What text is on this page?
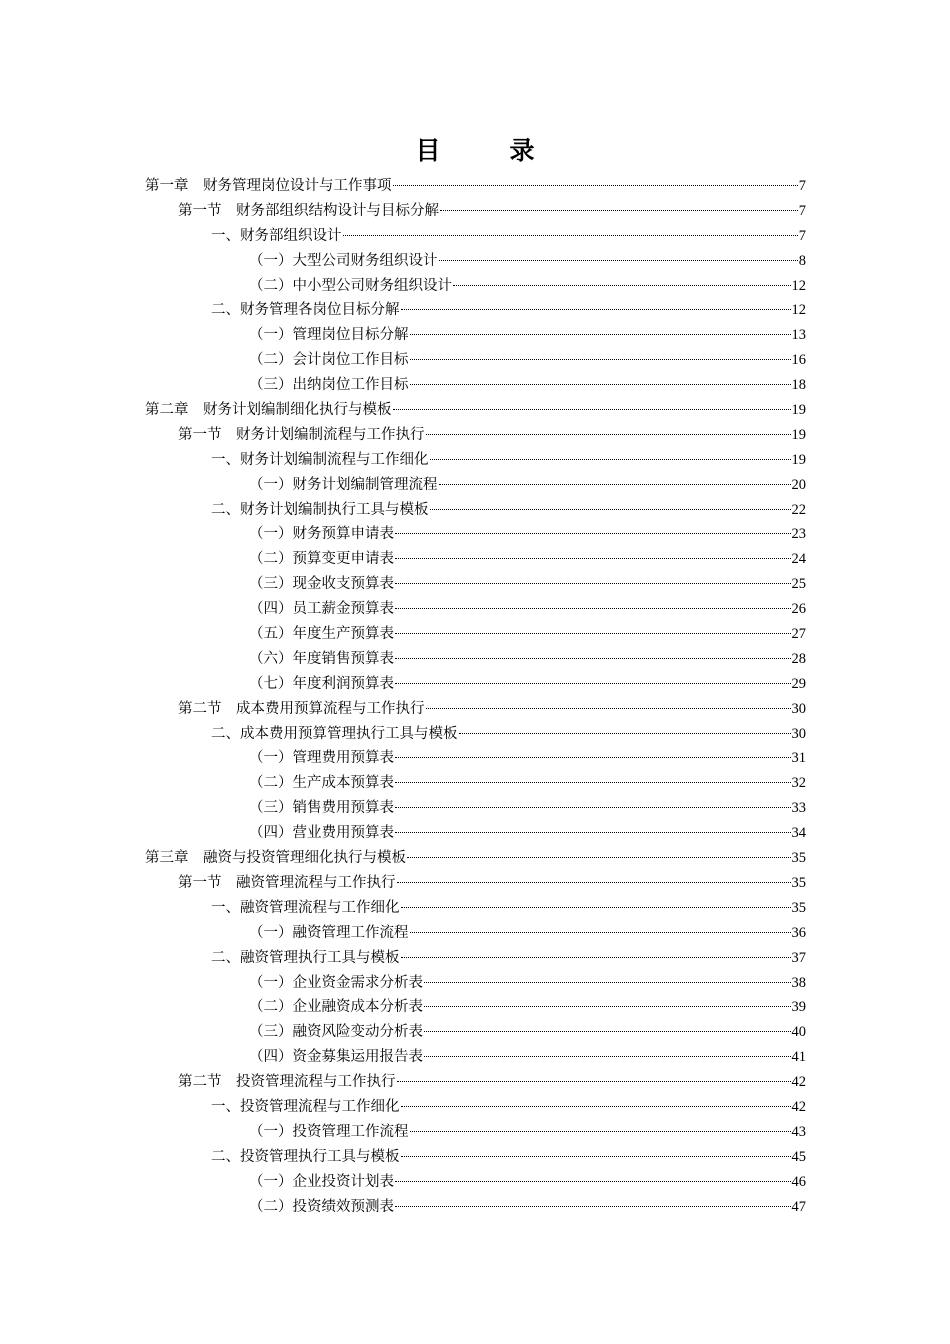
目　录
第一章　财务管理岗位设计与工作事项	7
第一节　财务部组织结构设计与目标分解	7
一、财务部组织设计	7
（一）大型公司财务组织设计	8
（二）中小型公司财务组织设计	12
二、财务管理各岗位目标分解	12
（一）管理岗位目标分解	13
（二）会计岗位工作目标	16
（三）出纳岗位工作目标	18
第二章　财务计划编制细化执行与模板	19
第一节　财务计划编制流程与工作执行	19
一、财务计划编制流程与工作细化	19
（一）财务计划编制管理流程	20
二、财务计划编制执行工具与模板	22
（一）财务预算申请表	23
（二）预算变更申请表	24
（三）现金收支预算表	25
（四）员工薪金预算表	26
（五）年度生产预算表	27
（六）年度销售预算表	28
（七）年度利润预算表	29
第二节　成本费用预算流程与工作执行	30
二、成本费用预算管理执行工具与模板	30
（一）管理费用预算表	31
（二）生产成本预算表	32
（三）销售费用预算表	33
（四）营业费用预算表	34
第三章　融资与投资管理细化执行与模板	35
第一节　融资管理流程与工作执行	35
一、融资管理流程与工作细化	35
（一）融资管理工作流程	36
二、融资管理执行工具与模板	37
（一）企业资金需求分析表	38
（二）企业融资成本分析表	39
（三）融资风险变动分析表	40
（四）资金募集运用报告表	41
第二节　投资管理流程与工作执行	42
一、投资管理流程与工作细化	42
（一）投资管理工作流程	43
二、投资管理执行工具与模板	45
（一）企业投资计划表	46
（二）投资绩效预测表	47
